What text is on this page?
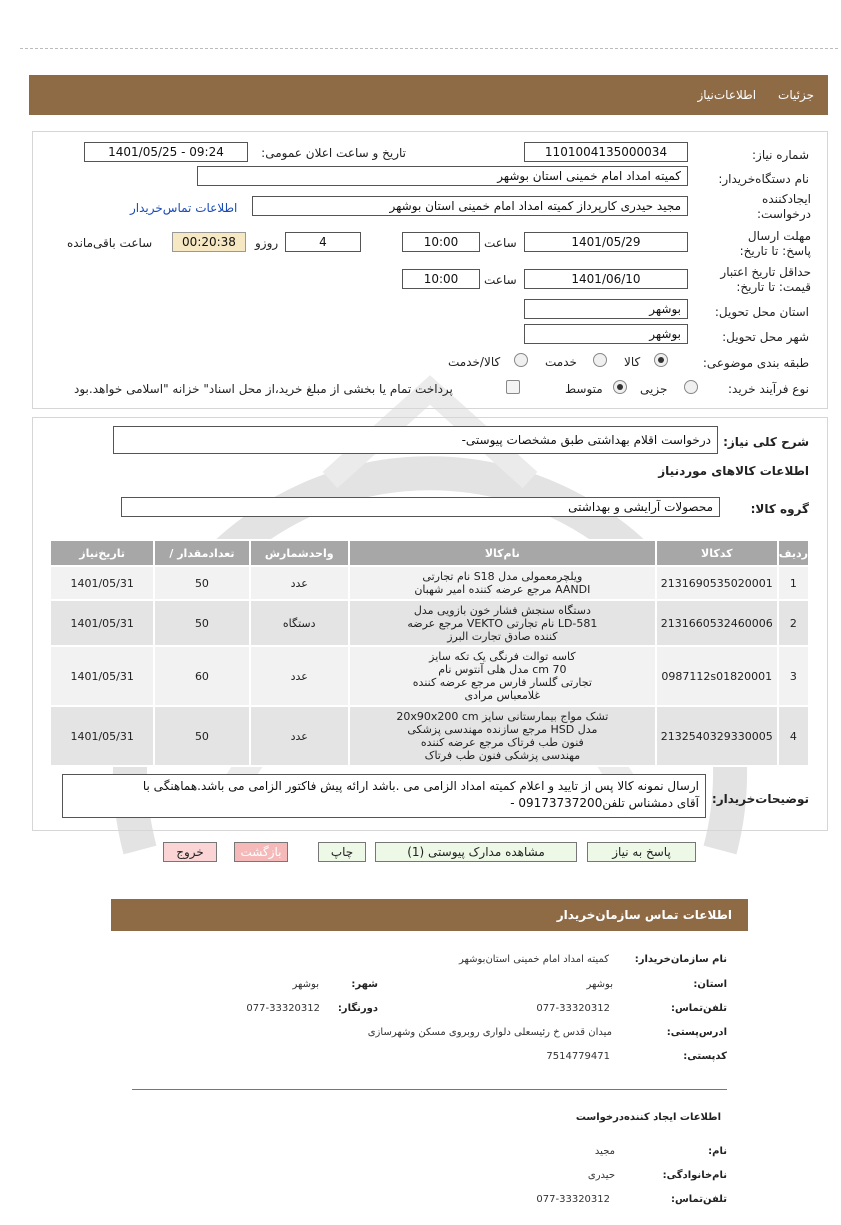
جزئیات
اطلاعات‌نیاز
شماره نیاز:
1101004135000034
تاریخ و ساعت اعلان عمومی:
1401/05/25 - 09:24
نام دستگاه‌خریدار:
کمیته امداد امام خمینی استان بوشهر
ایجادکننده درخواست:
مجید حیدری کارپرداز کمیته امداد امام خمینی استان بوشهر
اطلاعات تماس‌خریدار
مهلت ارسال پاسخ: تا تاریخ:
1401/05/29
ساعت
10:00
4
روزو
00:20:38
ساعت باقی‌مانده
حداقل تاریخ اعتبار قیمت: تا تاریخ:
1401/06/10
ساعت
10:00
استان محل تحویل:
بوشهر
شهر محل تحویل:
بوشهر
طبقه بندی موضوعی:
کالا
خدمت
کالا/خدمت
نوع فرآیند خرید:
جزیی
متوسط
پرداخت تمام یا بخشی از مبلغ خرید،از محل اسناد" خزانه "اسلامی خواهد.بود
شرح کلی نیاز:
درخواست اقلام بهداشتی طبق مشخصات پیوستی-
اطلاعات کالاهای موردنیاز
گروه کالا:
محصولات آرایشی و بهداشتی
ردیف	کدکالا	نام‌کالا	واحدشمارش	تعدادمقدار /	تاریخ‌نیاز
1	2131690535020001	ویلچرمعمولی مدل S18 نام تجارتی
AANDI مرجع عرضه کننده امیر شهبان	عدد	50	1401/05/31
2	2131660532460006	دستگاه سنجش فشار خون بازویی مدل
LD-581 نام تجارتی VEKTO مرجع عرضه
کننده صادق تجارت البرز	دستگاه	50	1401/05/31
3	0987112s01820001	کاسه توالت فرنگی یک تکه سایز
cm 70 مدل هلی آنتوس نام
تجارتی گلسار فارس مرجع عرضه کننده
غلامعباس مرادی	عدد	60	1401/05/31
4	2132540329330005	تشک مواج بیمارستانی سایز 20x90x200 cm
مدل HSD مرجع سازنده مهندسی پزشکی
فنون طب فرتاک مرجع عرضه کننده
مهندسی پزشکی فنون طب فرتاک	عدد	50	1401/05/31
توضیحات‌خریدار:
ارسال نمونه کالا پس از تایید و اعلام کمیته امداد الزامی می .باشد ارائه پیش فاکتور الزامی می باشد.هماهنگی با
آقای دمشناس تلفن09173737200 -
پاسخ به نیاز
مشاهده مدارک پیوستی (1)
چاپ
بازگشت
خروج
اطلاعات تماس سازمان‌خریدار
نام سازمان‌خریدار:
کمیته امداد امام خمینی استان‌بوشهر
استان:
بوشهر
شهر:
بوشهر
تلفن‌تماس:
077-33320312
دورنگار:
077-33320312
ادرس‌پستی:
میدان قدس خ رئیسعلی دلواری روبروی مسکن وشهرسازی
کدپستی:
7514779471
اطلاعات ایجاد کننده‌درخواست
نام:
مجید
نام‌خانوادگی:
حیدری
تلفن‌تماس:
077-33320312
